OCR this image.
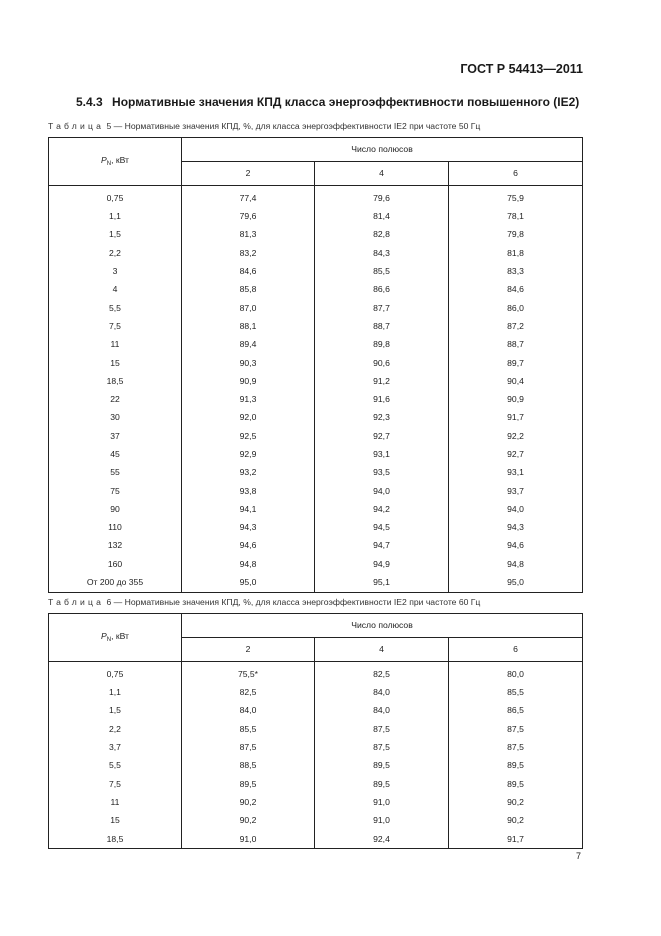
ГОСТ Р 54413—2011
5.4.3 Нормативные значения КПД класса энергоэффективности повышенного (IE2)
Таблица 5 — Нормативные значения КПД, %, для класса энергоэффективности IE2 при частоте 50 Гц
$P_N$, кВт	Число полюсов		
	2	4	6
0,75	77,4	79,6	75,9
1,1	79,6	81,4	78,1
1,5	81,3	82,8	79,8
2,2	83,2	84,3	81,8
3	84,6	85,5	83,3
4	85,8	86,6	84,6
5,5	87,0	87,7	86,0
7,5	88,1	88,7	87,2
11	89,4	89,8	88,7
15	90,3	90,6	89,7
18,5	90,9	91,2	90,4
22	91,3	91,6	90,9
30	92,0	92,3	91,7
37	92,5	92,7	92,2
45	92,9	93,1	92,7
55	93,2	93,5	93,1
75	93,8	94,0	93,7
90	94,1	94,2	94,0
110	94,3	94,5	94,3
132	94,6	94,7	94,6
160	94,8	94,9	94,8
От 200 до 355	95,0	95,1	95,0
Таблица 6 — Нормативные значения КПД, %, для класса энергоэффективности IE2 при частоте 60 Гц
$P_N$, кВт	Число полюсов		
	2	4	6
0,75	75,5*	82,5	80,0
1,1	82,5	84,0	85,5
1,5	84,0	84,0	86,5
2,2	85,5	87,5	87,5
3,7	87,5	87,5	87,5
5,5	88,5	89,5	89,5
7,5	89,5	89,5	89,5
11	90,2	91,0	90,2
15	90,2	91,0	90,2
18,5	91,0	92,4	91,7
7
